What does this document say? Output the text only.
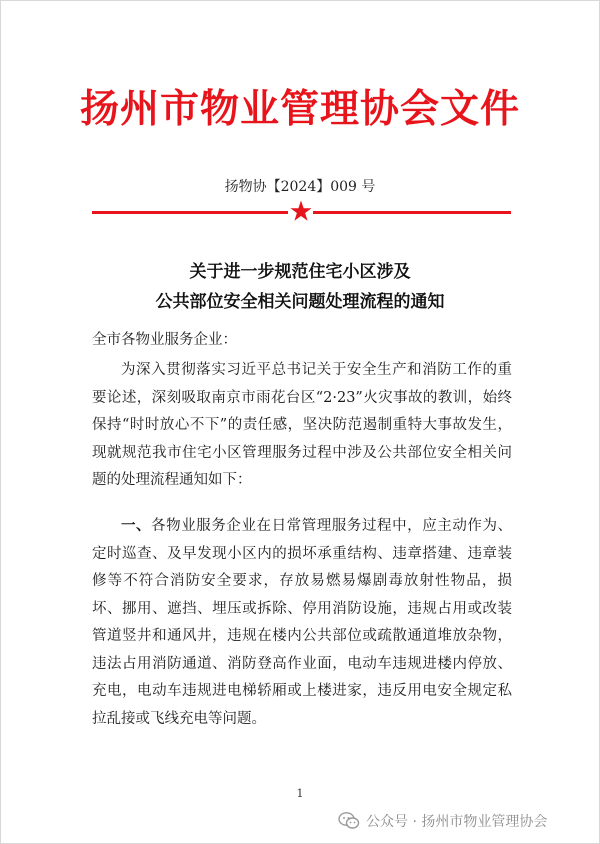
扬州市物业管理协会文件
扬物协【2024】009 号
关于进一步规范住宅小区涉及
公共部位安全相关问题处理流程的通知
全市各物业服务企业：
为深入贯彻落实习近平总书记关于安全生产和消防工作的重要论述，深刻吸取南京市雨花台区“2·23”火灾事故的教训，始终保持“时时放心不下”的责任感，坚决防范遏制重特大事故发生，现就规范我市住宅小区管理服务过程中涉及公共部位安全相关问题的处理流程通知如下：
一、各物业服务企业在日常管理服务过程中，应主动作为、定时巡查、及早发现小区内的损坏承重结构、违章搭建、违章装修等不符合消防安全要求，存放易燃易爆剧毒放射性物品，损坏、挪用、遮挡、埋压或拆除、停用消防设施，违规占用或改装管道竖井和通风井，违规在楼内公共部位或疏散通道堆放杂物，违法占用消防通道、消防登高作业面，电动车违规进楼内停放、充电，电动车违规进电梯轿厢或上楼进家，违反用电安全规定私拉乱接或飞线充电等问题。
1
公众号 · 扬州市物业管理协会
